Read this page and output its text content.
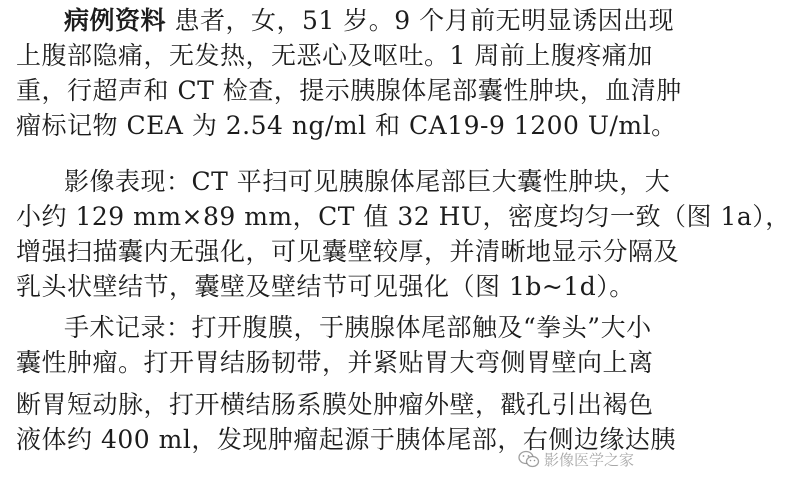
病例资料 患者，女，51 岁。9 个月前无明显诱因出现
上腹部隐痛，无发热，无恶心及呕吐。1 周前上腹疼痛加
重，行超声和 CT 检查，提示胰腺体尾部囊性肿块，血清肿
瘤标记物 CEA 为 2.54 ng/ml 和 CA19-9 1200 U/ml。
影像表现：CT 平扫可见胰腺体尾部巨大囊性肿块，大
小约 129 mm×89 mm，CT 值 32 HU，密度均匀一致（图 1a），
增强扫描囊内无强化，可见囊壁较厚，并清晰地显示分隔及
乳头状壁结节，囊壁及壁结节可见强化（图 1b~1d）。
手术记录：打开腹膜，于胰腺体尾部触及“拳头”大小
囊性肿瘤。打开胃结肠韧带，并紧贴胃大弯侧胃壁向上离
断胃短动脉，打开横结肠系膜处肿瘤外壁，戳孔引出褐色
液体约 400 ml，发现肿瘤起源于胰体尾部，右侧边缘达胰
影像医学之家
